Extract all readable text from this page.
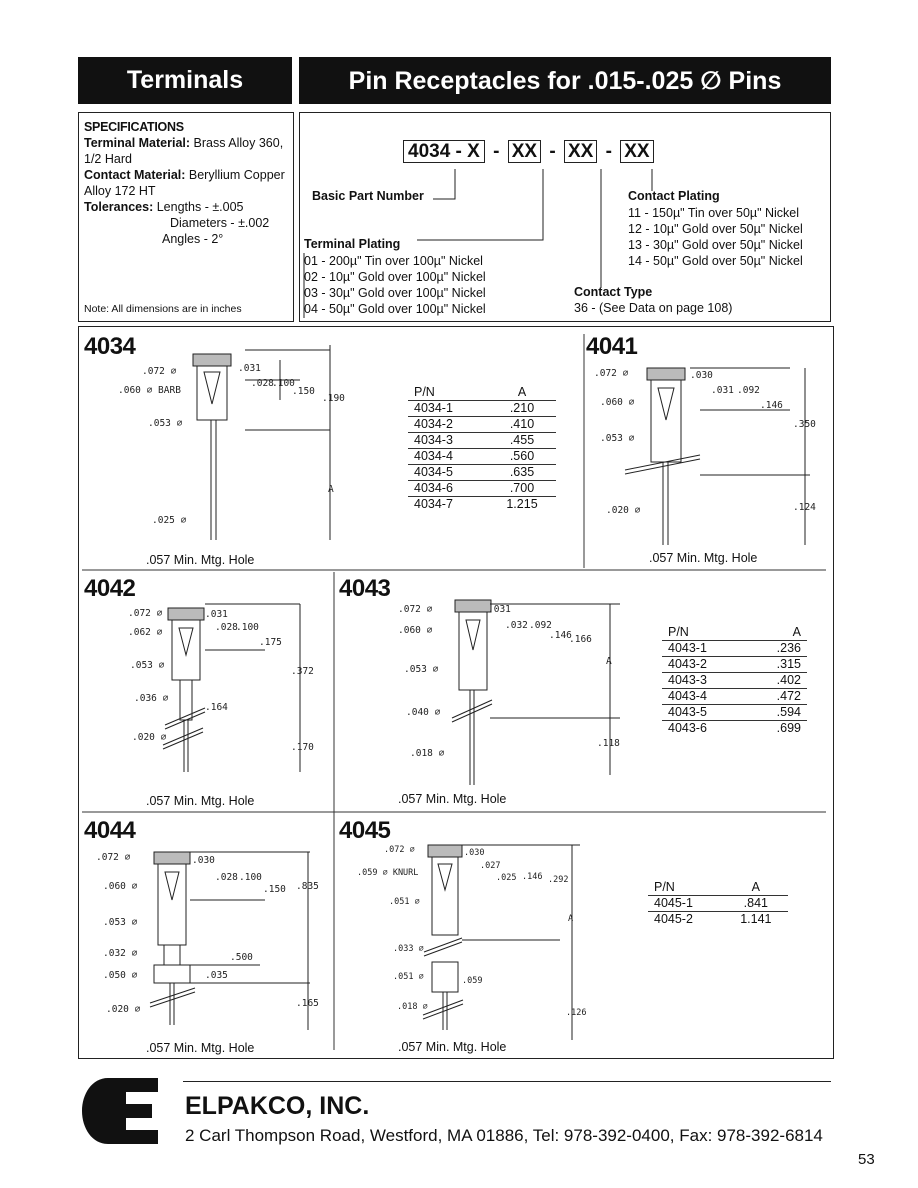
Terminals	Pin Receptacles for .015-.025 ∅ Pins
SPECIFICATIONS
Terminal Material: Brass Alloy 360, 1/2 Hard
Contact Material: Beryllium Copper Alloy 172 HT
Tolerances: Lengths - ±.005
Diameters - ±.002
Angles - 2°
Note: All dimensions are in inches
4034 - X - XX - XX - XX
Basic Part Number
Terminal Plating
01 - 200µ" Tin over 100µ" Nickel
02 - 10µ" Gold over 100µ" Nickel
03 - 30µ" Gold over 100µ" Nickel
04 - 50µ" Gold over 100µ" Nickel
Contact Plating
11 - 150µ" Tin over 50µ" Nickel
12 - 10µ" Gold over 50µ" Nickel
13 - 30µ" Gold over 50µ" Nickel
14 - 50µ" Gold over 50µ" Nickel
Contact Type
36 - (See Data on page 108)
4034	4041
4042	4043
4044	4045
.057 Min. Mtg. Hole	.057 Min. Mtg. Hole
.057 Min. Mtg. Hole	.057 Min. Mtg. Hole
.057 Min. Mtg. Hole	.057 Min. Mtg. Hole
.072 ∅
.060 ∅ BARB
.053 ∅
.025 ∅
.031
.028
.100
.150
.190
A
P/N	A
4034-1	.210
4034-2	.410
4034-3	.455
4034-4	.560
4034-5	.635
4034-6	.700
4034-7	1.215
.072 ∅
.060 ∅
.053 ∅
.020 ∅
.030
.031 .092
.146
.350
.124
.072 ∅
.062 ∅
.053 ∅
.036 ∅
.020 ∅
.031
.028
.100
.175
.372
.164
.170
.072 ∅
.060 ∅
.053 ∅
.040 ∅
.018 ∅
.031
.032 .092
.146
.166
A
.118
P/N	A
4043-1	.236
4043-2	.315
4043-3	.402
4043-4	.472
4043-5	.594
4043-6	.699
.072 ∅
.060 ∅
.053 ∅
.032 ∅
.050 ∅
.020 ∅
.030
.028 .100
.150 .835
.500
.035
.165
.072 ∅
.059 ∅ KNURL
.051 ∅
.033 ∅
.051 ∅
.018 ∅
.030
.027
.025 .146 .292
A
.059
.126
P/N	A
4045-1	.841
4045-2	1.141
ELPAKCO, INC.
2 Carl Thompson Road, Westford, MA 01886, Tel: 978-392-0400, Fax: 978-392-6814
53
